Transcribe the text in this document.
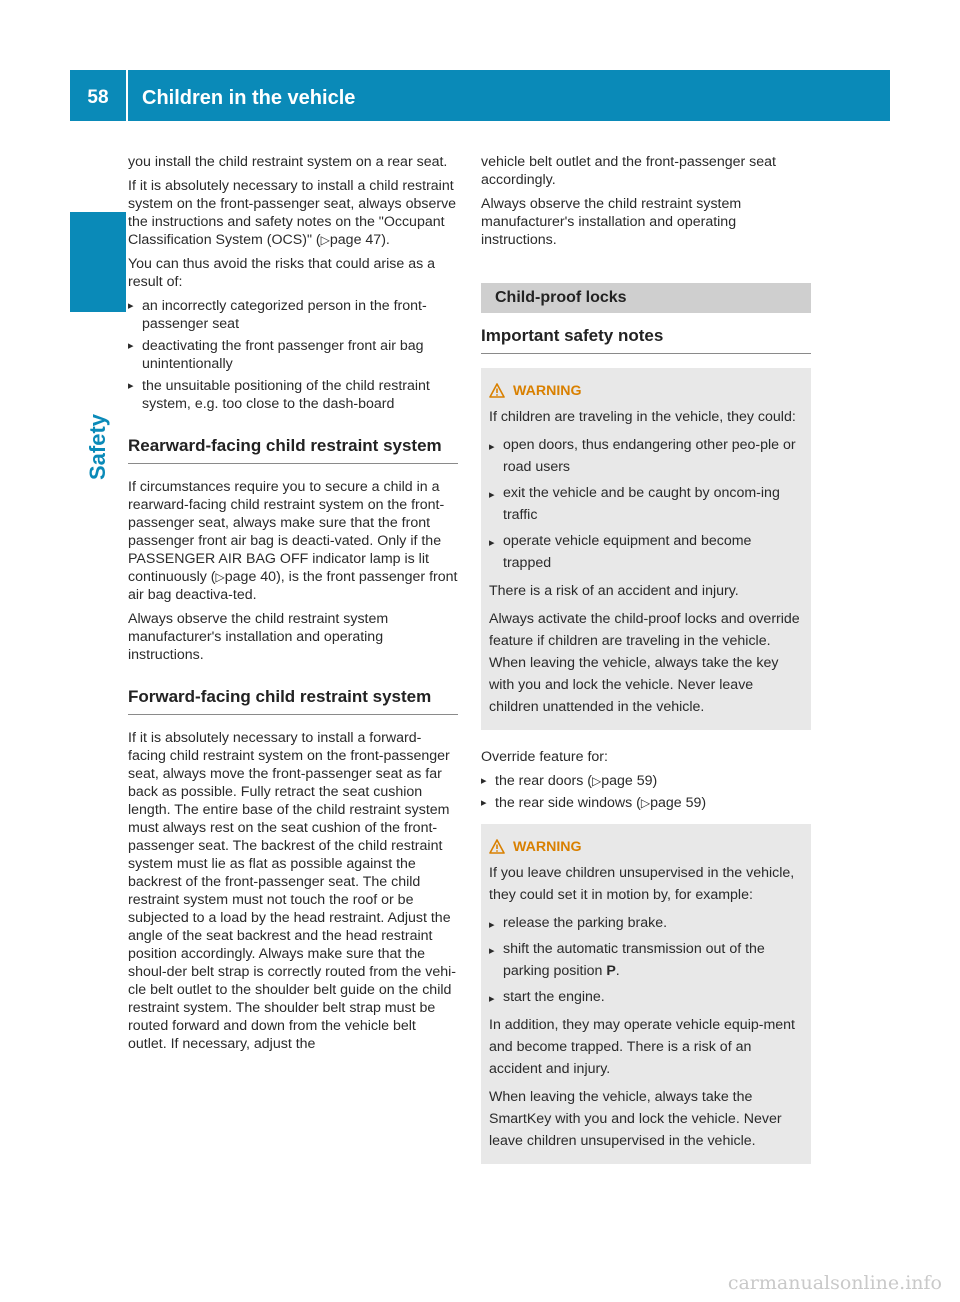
58	Children in the vehicle
Safety

you install the child restraint system on a rear seat.

If it is absolutely necessary to install a child restraint system on the front-passenger seat, always observe the instructions and safety notes on the "Occupant Classification System (OCS)" (▷page 47).

You can thus avoid the risks that could arise as a result of:

▸ an incorrectly categorized person in the front-passenger seat
▸ deactivating the front passenger front air bag unintentionally
▸ the unsuitable positioning of the child restraint system, e.g. too close to the dash-board
Rearward-facing child restraint system

If circumstances require you to secure a child in a rearward-facing child restraint system on the front-passenger seat, always make sure that the front passenger front air bag is deacti-vated. Only if the PASSENGER AIR BAG OFF indicator lamp is lit continuously (▷page 40), is the front passenger front air bag deactiva-ted.

Always observe the child restraint system manufacturer's installation and operating instructions.

Forward-facing child restraint system

If it is absolutely necessary to install a forward-facing child restraint system on the front-passenger seat, always move the front-passenger seat as far back as possible. Fully retract the seat cushion length. The entire base of the child restraint system must always rest on the seat cushion of the front-passenger seat. The backrest of the child restraint system must lie as flat as possible against the backrest of the front-passenger seat. The child restraint system must not touch the roof or be subjected to a load by the head restraint. Adjust the angle of the seat backrest and the head restraint position accordingly. Always make sure that the shoul-der belt strap is correctly routed from the vehi-cle belt outlet to the shoulder belt guide on the child restraint system. The shoulder belt strap must be routed forward and down from the vehicle belt outlet. If necessary, adjust the

vehicle belt outlet and the front-passenger seat accordingly.

Always observe the child restraint system manufacturer's installation and operating instructions.

Child-proof locks
Important safety notes
WARNING

If children are traveling in the vehicle, they could:

▸ open doors, thus endangering other peo-ple or road users
▸ exit the vehicle and be caught by oncom-ing traffic
▸ operate vehicle equipment and become trapped

There is a risk of an accident and injury.

Always activate the child-proof locks and override feature if children are traveling in the vehicle. When leaving the vehicle, always take the key with you and lock the vehicle. Never leave children unattended in the vehicle.

Override feature for:

▸ the rear doors (▷page 59)
▸ the rear side windows (▷page 59)
WARNING

If you leave children unsupervised in the vehicle, they could set it in motion by, for example:

▸ release the parking brake.
▸ shift the automatic transmission out of the parking position P.
▸ start the engine.

In addition, they may operate vehicle equip-ment and become trapped. There is a risk of an accident and injury.

When leaving the vehicle, always take the SmartKey with you and lock the vehicle. Never leave children unsupervised in the vehicle.

carmanualsonline.info
